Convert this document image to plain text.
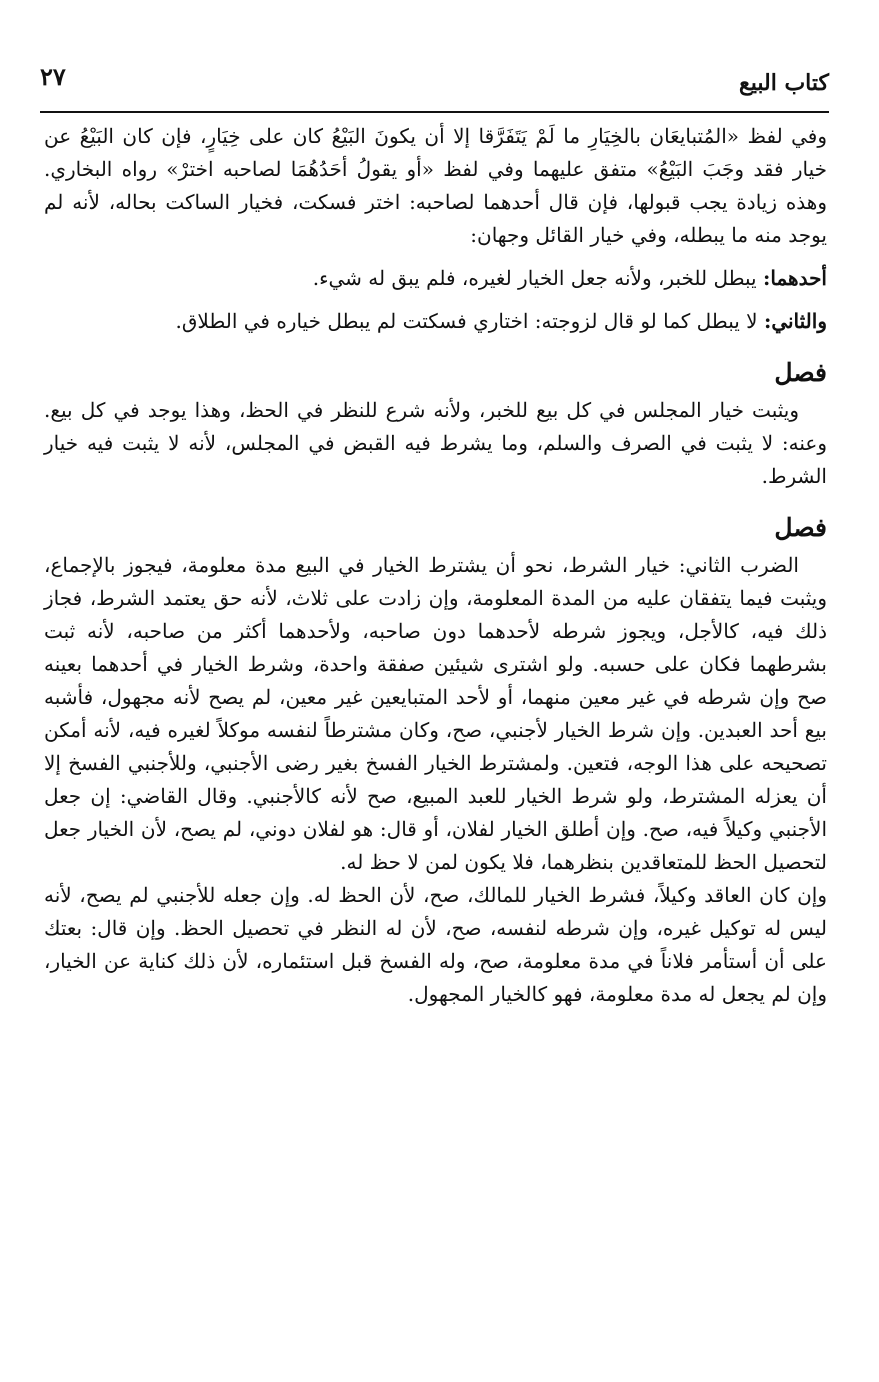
كتاب البيع
٢٧

وفي لفظ «المُتبايعَان بالخِيَارِ ما لَمْ يَتَفَرَّقا إلا أن يكونَ البَيْعُ كان على خِيَارٍ، فإن كان البَيْعُ عن خيار فقد وجَبَ البَيْعُ» متفق عليهما وفي لفظ «أو يقولُ أحَدُهُمَا لصاحبه اخترْ» رواه البخاري. وهذه زيادة يجب قبولها، فإن قال أحدهما لصاحبه: اختر فسكت، فخيار الساكت بحاله، لأنه لم يوجد منه ما يبطله، وفي خيار القائل وجهان:

أحدهما: يبطل للخبر، ولأنه جعل الخيار لغيره، فلم يبق له شيء.

والثاني: لا يبطل كما لو قال لزوجته: اختاري فسكتت لم يبطل خياره في الطلاق.

فصل

ويثبت خيار المجلس في كل بيع للخبر، ولأنه شرع للنظر في الحظ، وهذا يوجد في كل بيع. وعنه: لا يثبت في الصرف والسلم، وما يشرط فيه القبض في المجلس، لأنه لا يثبت فيه خيار الشرط.

فصل

الضرب الثاني: خيار الشرط، نحو أن يشترط الخيار في البيع مدة معلومة، فيجوز بالإجماع، ويثبت فيما يتفقان عليه من المدة المعلومة، وإن زادت على ثلاث، لأنه حق يعتمد الشرط، فجاز ذلك فيه، كالأجل، ويجوز شرطه لأحدهما دون صاحبه، ولأحدهما أكثر من صاحبه، لأنه ثبت بشرطهما فكان على حسبه. ولو اشترى شيئين صفقة واحدة، وشرط الخيار في أحدهما بعينه صح وإن شرطه في غير معين منهما، أو لأحد المتبايعين غير معين، لم يصح لأنه مجهول، فأشبه بيع أحد العبدين. وإن شرط الخيار لأجنبي، صح، وكان مشترطاً لنفسه موكلاً لغيره فيه، لأنه أمكن تصحيحه على هذا الوجه، فتعين. ولمشترط الخيار الفسخ بغير رضى الأجنبي، وللأجنبي الفسخ إلا أن يعزله المشترط، ولو شرط الخيار للعبد المبيع، صح لأنه كالأجنبي. وقال القاضي: إن جعل الأجنبي وكيلاً فيه، صح. وإن أطلق الخيار لفلان، أو قال: هو لفلان دوني، لم يصح، لأن الخيار جعل لتحصيل الحظ للمتعاقدين بنظرهما، فلا يكون لمن لا حظ له.

وإن كان العاقد وكيلاً، فشرط الخيار للمالك، صح، لأن الحظ له. وإن جعله للأجنبي لم يصح، لأنه ليس له توكيل غيره، وإن شرطه لنفسه، صح، لأن له النظر في تحصيل الحظ. وإن قال: بعتك على أن أستأمر فلاناً في مدة معلومة، صح، وله الفسخ قبل استئماره، لأن ذلك كناية عن الخيار، وإن لم يجعل له مدة معلومة، فهو كالخيار المجهول.
